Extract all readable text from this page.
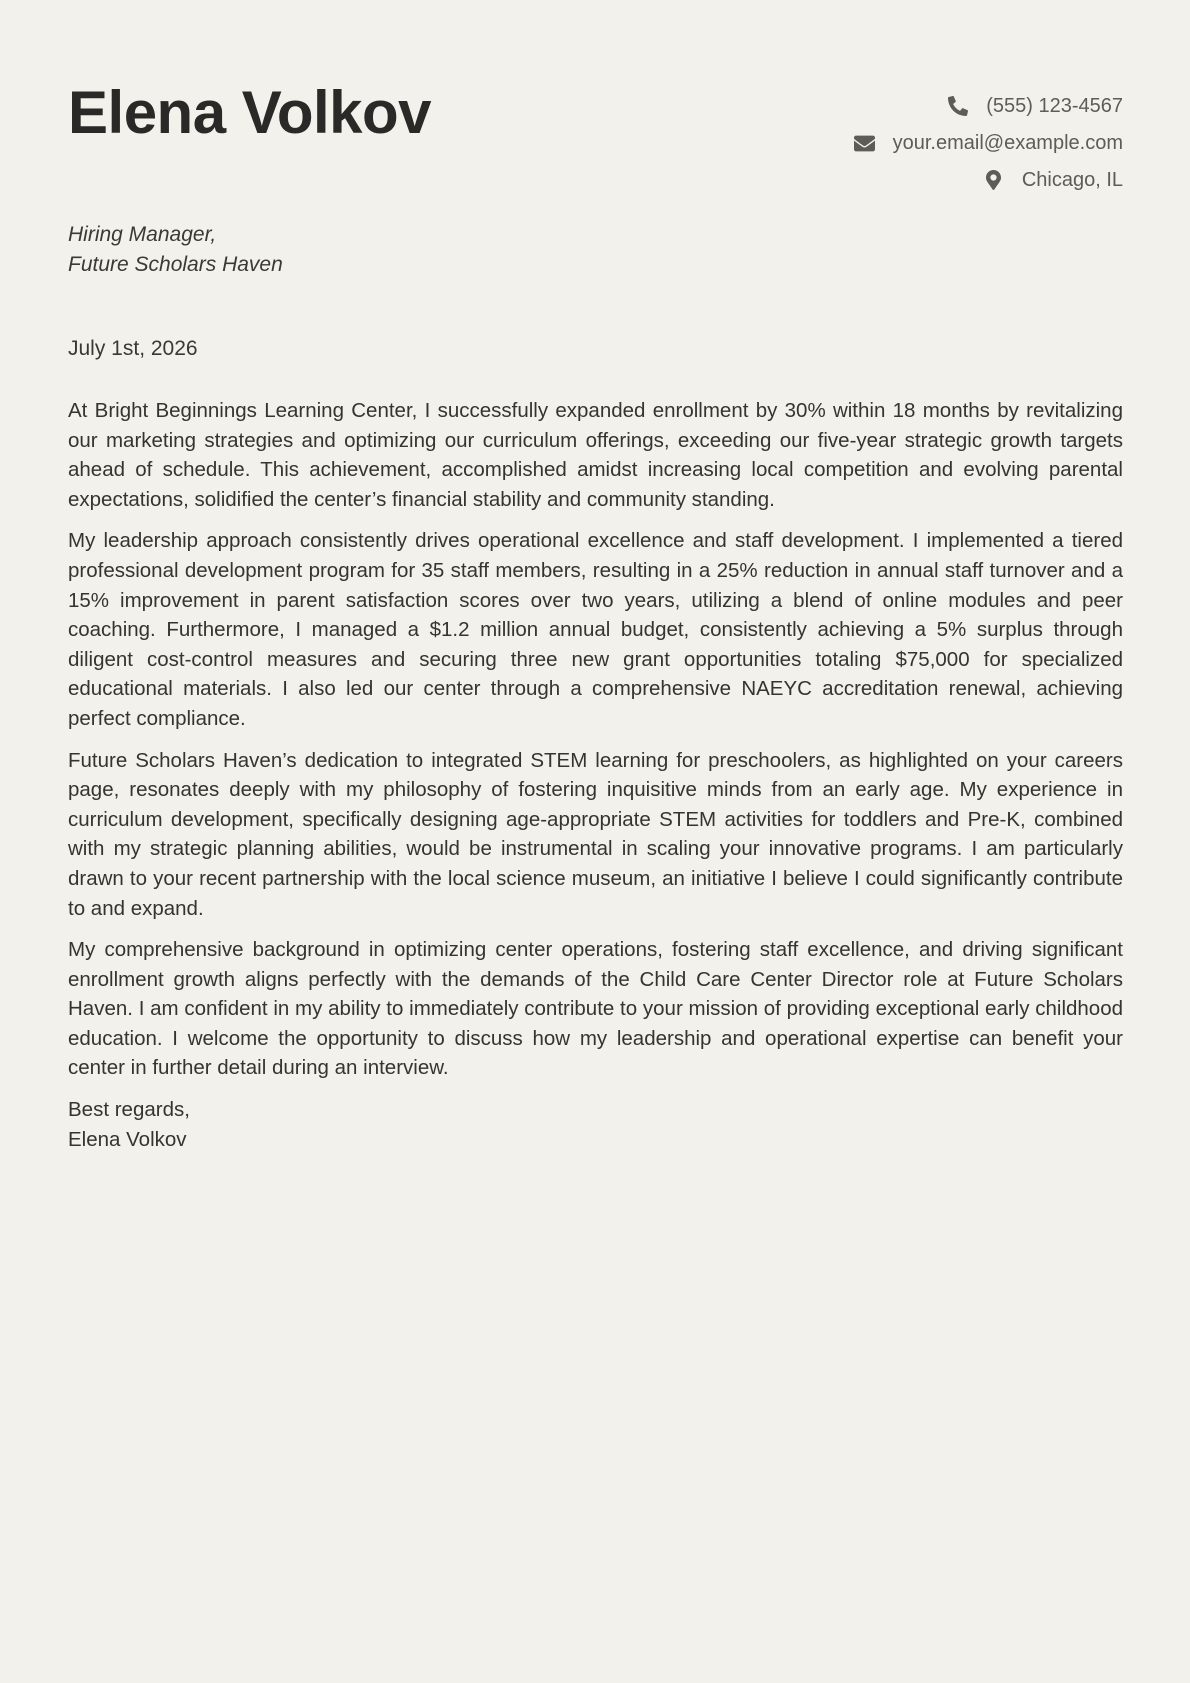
Elena Volkov	(555) 123-4567
your.email@example.com
Chicago, IL
Hiring Manager,
Future Scholars Haven
July 1st, 2026

At Bright Beginnings Learning Center, I successfully expanded enrollment by 30% within 18 months by revitalizing our marketing strategies and optimizing our curriculum offerings, exceeding our five-year strategic growth targets ahead of schedule. This achievement, accomplished amidst increasing local competition and evolving parental expectations, solidified the center’s financial stability and community standing.

My leadership approach consistently drives operational excellence and staff development. I implemented a tiered professional development program for 35 staff members, resulting in a 25% reduction in annual staff turnover and a 15% improvement in parent satisfaction scores over two years, utilizing a blend of online modules and peer coaching. Furthermore, I managed a $1.2 million annual budget, consistently achieving a 5% surplus through diligent cost-control measures and securing three new grant opportunities totaling $75,000 for specialized educational materials. I also led our center through a comprehensive NAEYC accreditation renewal, achieving perfect compliance.

Future Scholars Haven’s dedication to integrated STEM learning for preschoolers, as highlighted on your careers page, resonates deeply with my philosophy of fostering inquisitive minds from an early age. My experience in curriculum development, specifically designing age-appropriate STEM activities for toddlers and Pre-K, combined with my strategic planning abilities, would be instrumental in scaling your innovative programs. I am particularly drawn to your recent partnership with the local science museum, an initiative I believe I could significantly contribute to and expand.

My comprehensive background in optimizing center operations, fostering staff excellence, and driving significant enrollment growth aligns perfectly with the demands of the Child Care Center Director role at Future Scholars Haven. I am confident in my ability to immediately contribute to your mission of providing exceptional early childhood education. I welcome the opportunity to discuss how my leadership and operational expertise can benefit your center in further detail during an interview.

Best regards,
Elena Volkov
